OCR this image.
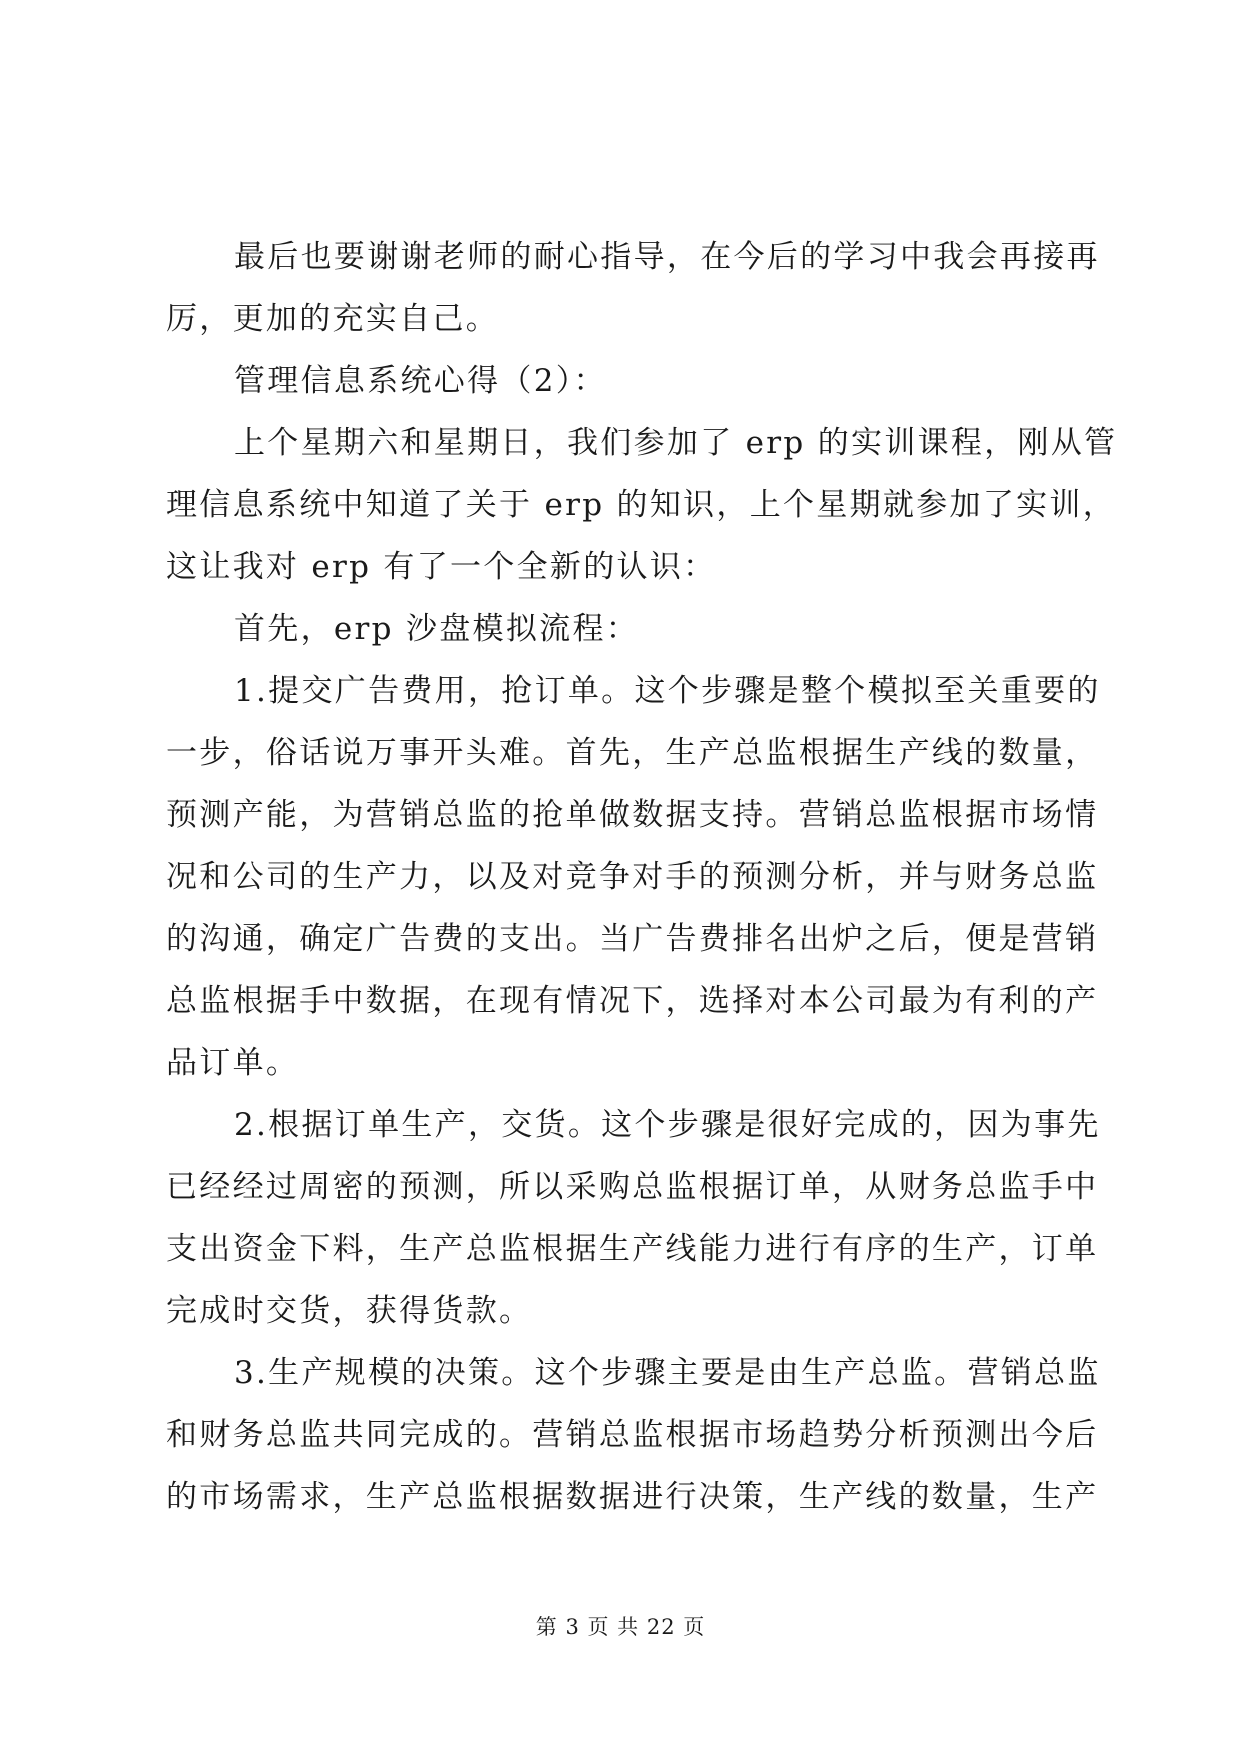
最后也要谢谢老师的耐心指导，在今后的学习中我会再接再
厉，更加的充实自己。
管理信息系统心得（2）：
上个星期六和星期日，我们参加了 erp 的实训课程，刚从管
理信息系统中知道了关于 erp 的知识，上个星期就参加了实训，
这让我对 erp 有了一个全新的认识：
首先，erp 沙盘模拟流程：
1.提交广告费用，抢订单。这个步骤是整个模拟至关重要的
一步，俗话说万事开头难。首先，生产总监根据生产线的数量，
预测产能，为营销总监的抢单做数据支持。营销总监根据市场情
况和公司的生产力，以及对竞争对手的预测分析，并与财务总监
的沟通，确定广告费的支出。当广告费排名出炉之后，便是营销
总监根据手中数据，在现有情况下，选择对本公司最为有利的产
品订单。
2.根据订单生产，交货。这个步骤是很好完成的，因为事先
已经经过周密的预测，所以采购总监根据订单，从财务总监手中
支出资金下料，生产总监根据生产线能力进行有序的生产，订单
完成时交货，获得货款。
3.生产规模的决策。这个步骤主要是由生产总监。营销总监
和财务总监共同完成的。营销总监根据市场趋势分析预测出今后
的市场需求，生产总监根据数据进行决策，生产线的数量，生产
第 3 页 共 22 页
